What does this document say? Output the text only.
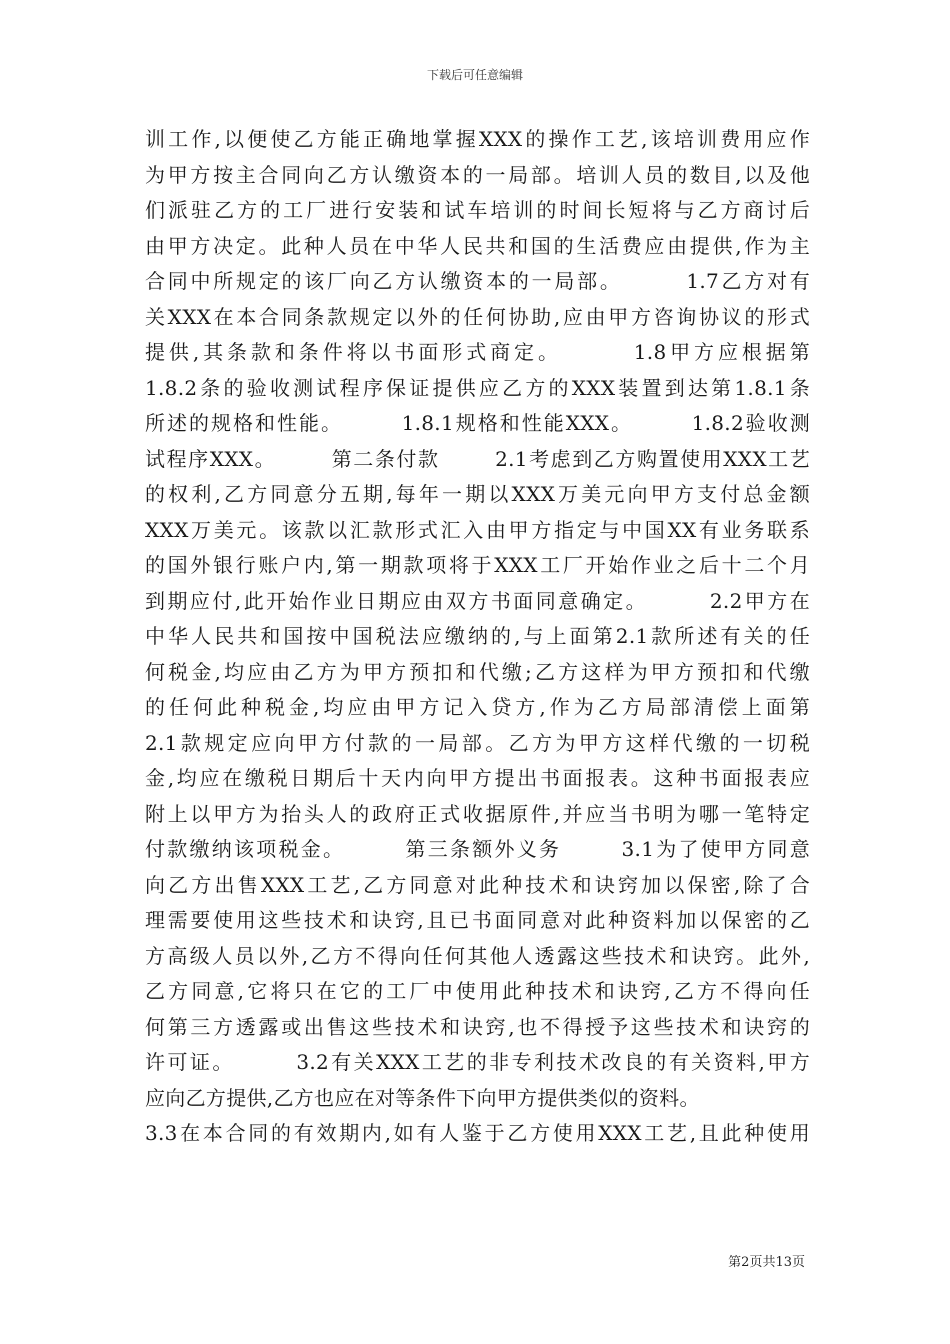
下载后可任意编辑
训工作,以便使乙方能正确地掌握XXX的操作工艺,该培训费用应作
为甲方按主合同向乙方认缴资本的一局部。培训人员的数目,以及他
们派驻乙方的工厂进行安装和试车培训的时间长短将与乙方商讨后
由甲方决定。此种人员在中华人民共和国的生活费应由提供,作为主
合同中所规定的该厂向乙方认缴资本的一局部。       1.7乙方对有
关XXX在本合同条款规定以外的任何协助,应由甲方咨询协议的形式
提供,其条款和条件将以书面形式商定。       1.8甲方应根据第
1.8.2条的验收测试程序保证提供应乙方的XXX装置到达第1.8.1条
所述的规格和性能。       1.8.1规格和性能XXX。       1.8.2验收测
试程序XXX。       第二条付款       2.1考虑到乙方购置使用XXX工艺
的权利,乙方同意分五期,每年一期以XXX万美元向甲方支付总金额
XXX万美元。该款以汇款形式汇入由甲方指定与中国XX有业务联系
的国外银行账户内,第一期款项将于XXX工厂开始作业之后十二个月
到期应付,此开始作业日期应由双方书面同意确定。       2.2甲方在
中华人民共和国按中国税法应缴纳的,与上面第2.1款所述有关的任
何税金,均应由乙方为甲方预扣和代缴;乙方这样为甲方预扣和代缴
的任何此种税金,均应由甲方记入贷方,作为乙方局部清偿上面第
2.1款规定应向甲方付款的一局部。乙方为甲方这样代缴的一切税
金,均应在缴税日期后十天内向甲方提出书面报表。这种书面报表应
附上以甲方为抬头人的政府正式收据原件,并应当书明为哪一笔特定
付款缴纳该项税金。       第三条额外义务       3.1为了使甲方同意
向乙方出售XXX工艺,乙方同意对此种技术和诀窍加以保密,除了合
理需要使用这些技术和诀窍,且已书面同意对此种资料加以保密的乙
方高级人员以外,乙方不得向任何其他人透露这些技术和诀窍。此外,
乙方同意,它将只在它的工厂中使用此种技术和诀窍,乙方不得向任
何第三方透露或出售这些技术和诀窍,也不得授予这些技术和诀窍的
许可证。       3.2有关XXX工艺的非专利技术改良的有关资料,甲方
应向乙方提供,乙方也应在对等条件下向甲方提供类似的资料。
3.3在本合同的有效期内,如有人鉴于乙方使用XXX工艺,且此种使用
第2页共13页
